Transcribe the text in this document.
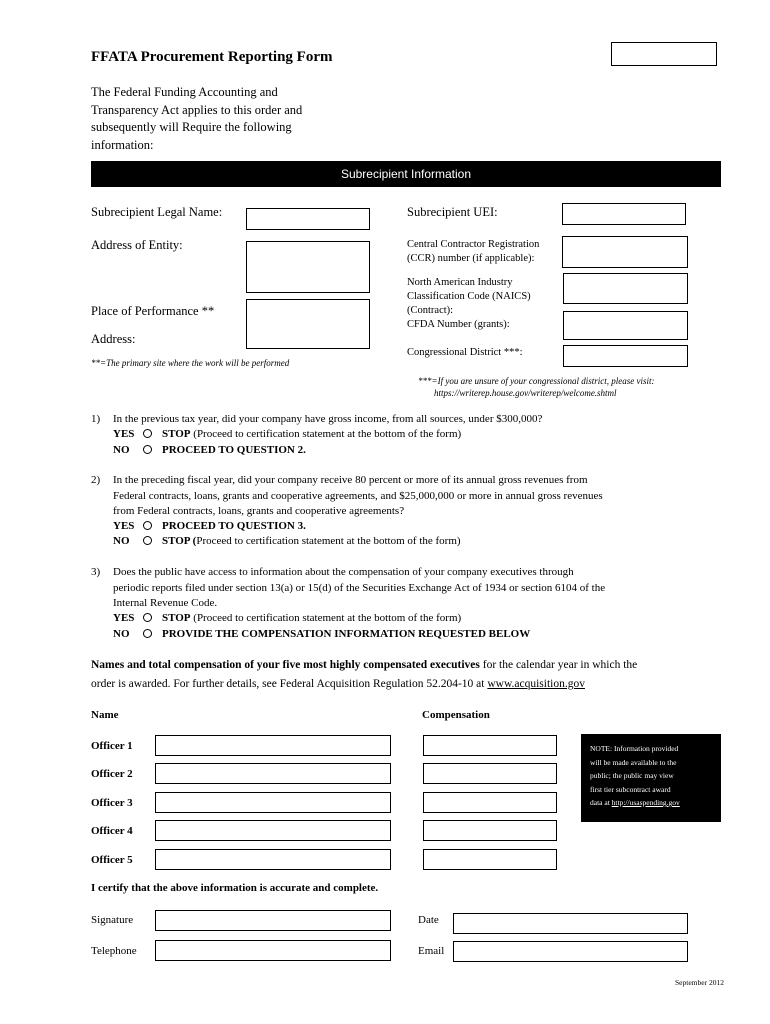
FFATA Procurement Reporting Form
The Federal Funding Accounting and
Transparency Act applies to this order and
subsequently will Require the following
information:
Subrecipient Information
Subrecipient Legal Name:	Subrecipient UEI:
Address of Entity:	Central Contractor Registration
(CCR) number (if applicable):
North American Industry
Classification Code (NAICS)
(Contract):
CFDA Number (grants):
Place of Performance **
Address:
Congressional District ***:
**=The primary site where the work will be performed
***=If you are unsure of your congressional district, please visit:
https://writerep.house.gov/writerep/welcome.shtml
1) In the previous tax year, did your company have gross income, from all sources, under $300,000?
YES	STOP (Proceed to certification statement at the bottom of the form)
NO	PROCEED TO QUESTION 2.
2) In the preceding fiscal year, did your company receive 80 percent or more of its annual gross revenues from
Federal contracts, loans, grants and cooperative agreements, and $25,000,000 or more in annual gross revenues
from Federal contracts, loans, grants and cooperative agreements?
YES	PROCEED TO QUESTION 3.
NO	STOP (Proceed to certification statement at the bottom of the form)
3) Does the public have access to information about the compensation of your company executives through
periodic reports filed under section 13(a) or 15(d) of the Securities Exchange Act of 1934 or section 6104 of the
Internal Revenue Code.
YES	STOP (Proceed to certification statement at the bottom of the form)
NO	PROVIDE THE COMPENSATION INFORMATION REQUESTED BELOW
Names and total compensation of your five most highly compensated executives for the calendar year in which the
order is awarded. For further details, see Federal Acquisition Regulation 52.204-10 at www.acquisition.gov
Name	Compensation
Officer 1
Officer 2
Officer 3
Officer 4
Officer 5
NOTE: Information provided
will be made available to the
public; the public may view
first tier subcontract award
data at http://usaspending.gov
I certify that the above information is accurate and complete.
Signature	Date
Telephone	Email
September 2012
